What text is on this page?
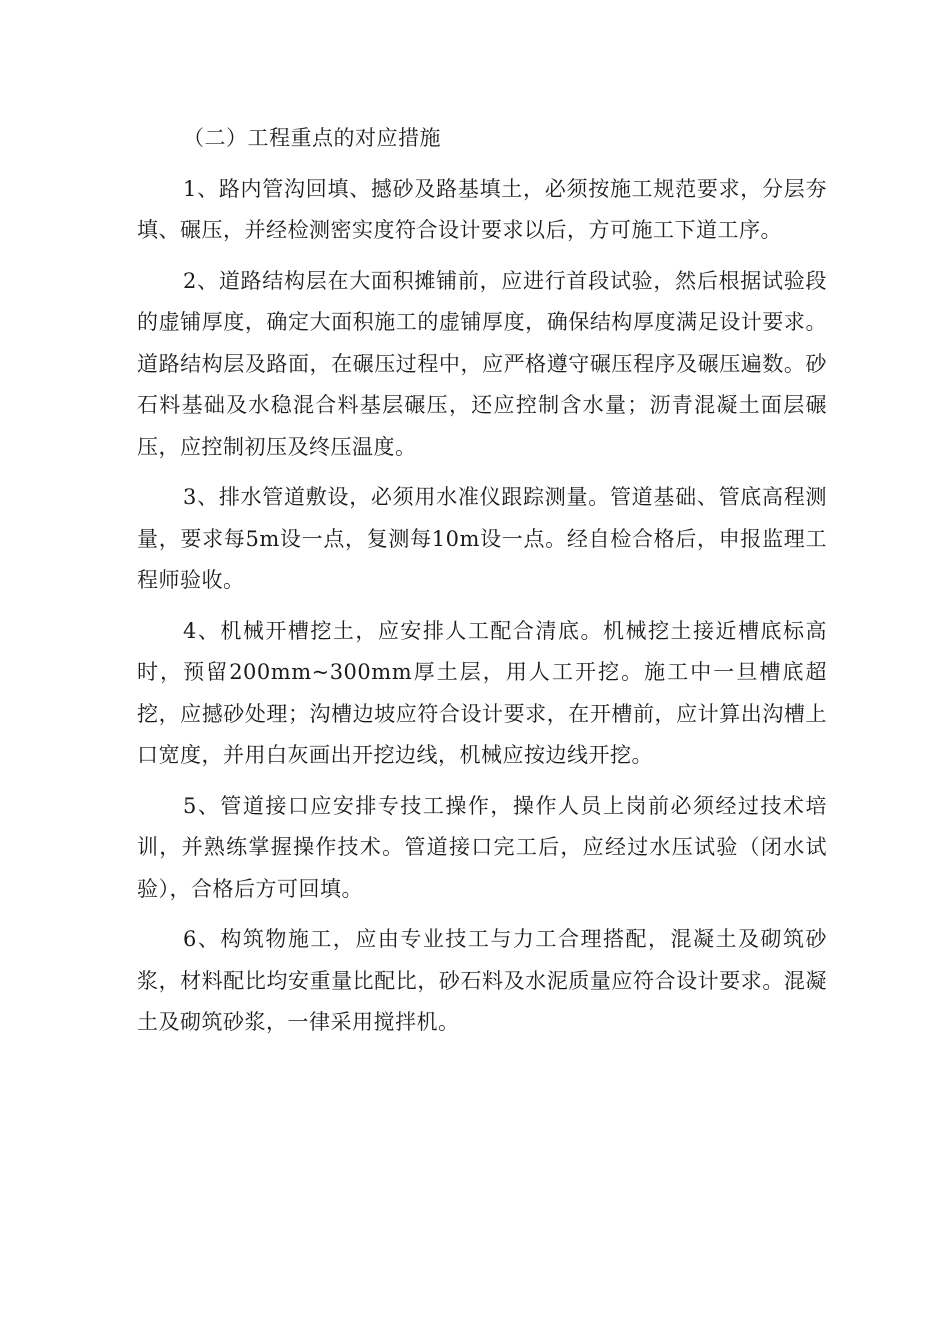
（二）工程重点的对应措施

1、路内管沟回填、撼砂及路基填土，必须按施工规范要求，分层夯填、碾压，并经检测密实度符合设计要求以后，方可施工下道工序。

2、道路结构层在大面积摊铺前，应进行首段试验，然后根据试验段的虚铺厚度，确定大面积施工的虚铺厚度，确保结构厚度满足设计要求。道路结构层及路面，在碾压过程中，应严格遵守碾压程序及碾压遍数。砂石料基础及水稳混合料基层碾压，还应控制含水量；沥青混凝土面层碾压，应控制初压及终压温度。

3、排水管道敷设，必须用水准仪跟踪测量。管道基础、管底高程测量，要求每5m设一点，复测每10m设一点。经自检合格后，申报监理工程师验收。

4、机械开槽挖土，应安排人工配合清底。机械挖土接近槽底标高时，预留200mm~300mm厚土层，用人工开挖。施工中一旦槽底超挖，应撼砂处理；沟槽边坡应符合设计要求，在开槽前，应计算出沟槽上口宽度，并用白灰画出开挖边线，机械应按边线开挖。

5、管道接口应安排专技工操作，操作人员上岗前必须经过技术培训，并熟练掌握操作技术。管道接口完工后，应经过水压试验（闭水试验），合格后方可回填。

6、构筑物施工，应由专业技工与力工合理搭配，混凝土及砌筑砂浆，材料配比均安重量比配比，砂石料及水泥质量应符合设计要求。混凝土及砌筑砂浆，一律采用搅拌机。
